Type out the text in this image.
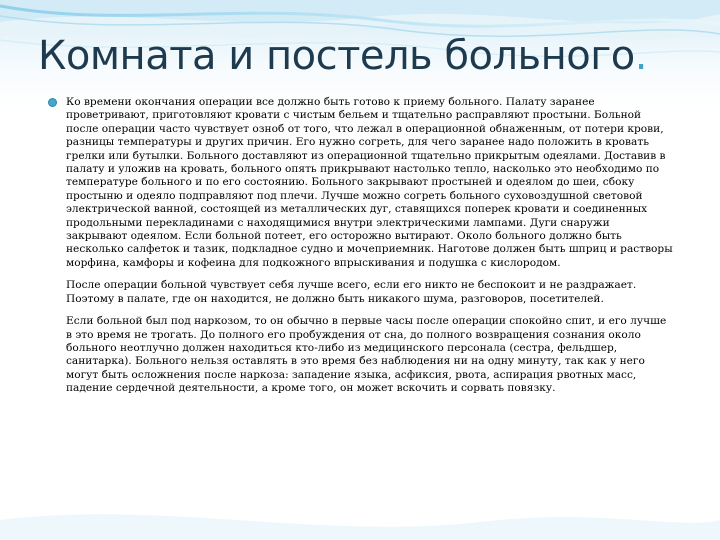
Комната и постель больного.

Ко времени окончания операции все должно быть готово к приему больного. Палату заранее проветривают, приготовляют кровати с чистым бельем и тщательно расправляют простыни. Больной после операции часто чувствует озноб от того, что лежал в операционной обнаженным, от потери крови, разницы температуры и других причин. Его нужно согреть, для чего заранее надо положить в кровать грелки или бутылки. Больного доставляют из операционной тщательно прикрытым одеялами. Доставив в палату и уложив на кровать, больного опять прикрывают настолько тепло, насколько это необходимо по температуре больного и по его состоянию. Больного закрывают простыней и одеялом до шеи, сбоку простыню и одеяло подправляют под плечи. Лучше можно согреть больного суховоздушной световой электрической ванной, состоящей из металлических дуг, ставящихся поперек кровати и соединенных продольными перекладинами с находящимися внутри электрическими лампами. Дуги снаружи закрывают одеялом. Если больной потеет, его осторожно вытирают. Около больного должно быть несколько салфеток и тазик, подкладное судно и мочеприемник. Наготове должен быть шприц и растворы морфина, камфоры и кофеина для подкожного впрыскивания и подушка с кислородом.

После операции больной чувствует себя лучше всего, если его никто не беспокоит и не раздражает. Поэтому в палате, где он находится, не должно быть никакого шума, разговоров, посетителей.

Если больной был под наркозом, то он обычно в первые часы после операции спокойно спит, и его лучше в это время не трогать. До полного его пробуждения от сна, до полного возвращения сознания около больного неотлучно должен находиться кто-либо из медицинского персонала (сестра, фельдшер, санитарка). Больного нельзя оставлять в это время без наблюдения ни на одну минуту, так как у него могут быть осложнения после наркоза: западение языка, асфиксия, рвота, аспирация рвотных масс, падение сердечной деятельности, а кроме того, он может вскочить и сорвать повязку.
